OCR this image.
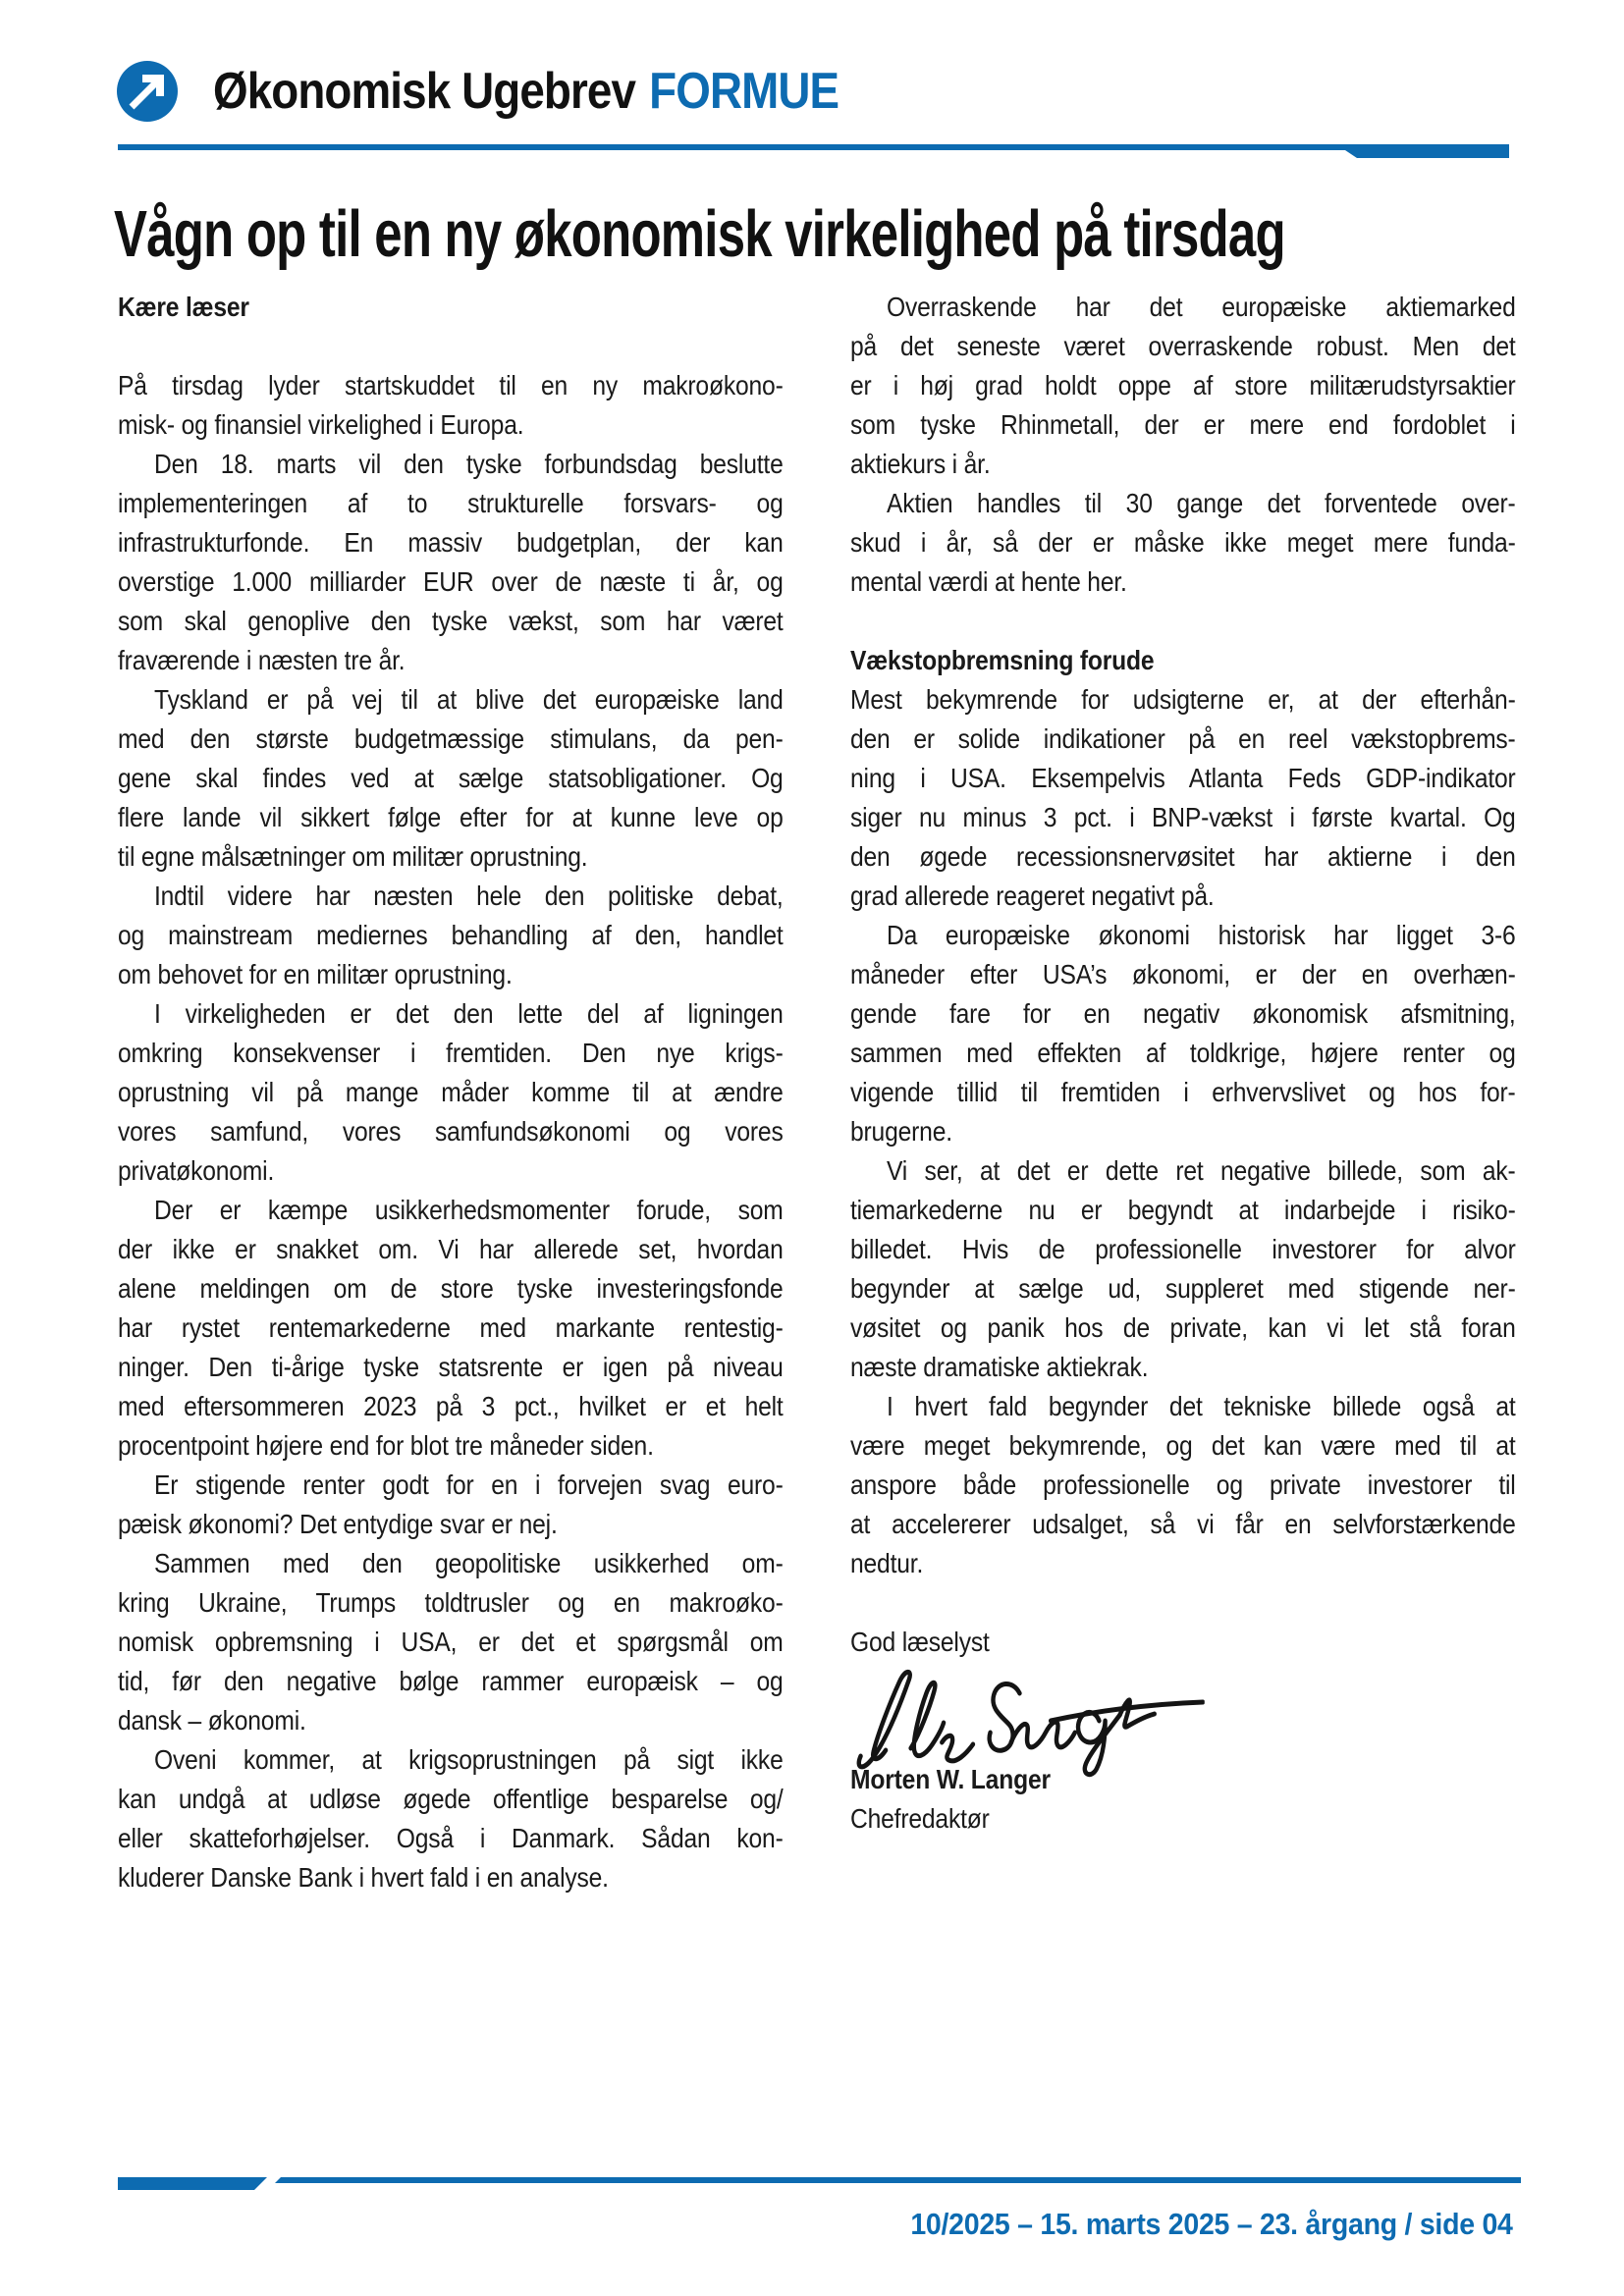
Økonomisk Ugebrev FORMUE
Vågn op til en ny økonomisk virkelighed på tirsdag
Kære læser
På tirsdag lyder startskuddet til en ny makroøkono-
misk- og finansiel virkelighed i Europa.
Den 18. marts vil den tyske forbundsdag beslutte
implementeringen af to strukturelle forsvars- og
infrastrukturfonde. En massiv budgetplan, der kan
overstige 1.000 milliarder EUR over de næste ti år, og
som skal genoplive den tyske vækst, som har været
fraværende i næsten tre år.
Tyskland er på vej til at blive det europæiske land
med den største budgetmæssige stimulans, da pen-
gene skal findes ved at sælge statsobligationer. Og
flere lande vil sikkert følge efter for at kunne leve op
til egne målsætninger om militær oprustning.
Indtil videre har næsten hele den politiske debat,
og mainstream mediernes behandling af den, handlet
om behovet for en militær oprustning.
I virkeligheden er det den lette del af ligningen
omkring konsekvenser i fremtiden. Den nye krigs-
oprustning vil på mange måder komme til at ændre
vores samfund, vores samfundsøkonomi og vores
privatøkonomi.
Der er kæmpe usikkerhedsmomenter forude, som
der ikke er snakket om. Vi har allerede set, hvordan
alene meldingen om de store tyske investeringsfonde
har rystet rentemarkederne med markante rentestig-
ninger. Den ti-årige tyske statsrente er igen på niveau
med eftersommeren 2023 på 3 pct., hvilket er et helt
procentpoint højere end for blot tre måneder siden.
Er stigende renter godt for en i forvejen svag euro-
pæisk økonomi? Det entydige svar er nej.
Sammen med den geopolitiske usikkerhed om-
kring Ukraine, Trumps toldtrusler og en makroøko-
nomisk opbremsning i USA, er det et spørgsmål om
tid, før den negative bølge rammer europæisk – og
dansk – økonomi.
Oveni kommer, at krigsoprustningen på sigt ikke
kan undgå at udløse øgede offentlige besparelse og/
eller skatteforhøjelser. Også i Danmark. Sådan kon-
kluderer Danske Bank i hvert fald i en analyse.
Overraskende har det europæiske aktiemarked
på det seneste været overraskende robust. Men det
er i høj grad holdt oppe af store militærudstyrsaktier
som tyske Rhinmetall, der er mere end fordoblet i
aktiekurs i år.
Aktien handles til 30 gange det forventede over-
skud i år, så der er måske ikke meget mere funda-
mental værdi at hente her.
Vækstopbremsning forude
Mest bekymrende for udsigterne er, at der efterhån-
den er solide indikationer på en reel vækstopbrems-
ning i USA. Eksempelvis Atlanta Feds GDP-indikator
siger nu minus 3 pct. i BNP-vækst i første kvartal. Og
den øgede recessionsnervøsitet har aktierne i den
grad allerede reageret negativt på.
Da europæiske økonomi historisk har ligget 3-6
måneder efter USA’s økonomi, er der en overhæn-
gende fare for en negativ økonomisk afsmitning,
sammen med effekten af toldkrige, højere renter og
vigende tillid til fremtiden i erhvervslivet og hos for-
brugerne.
Vi ser, at det er dette ret negative billede, som ak-
tiemarkederne nu er begyndt at indarbejde i risiko-
billedet. Hvis de professionelle investorer for alvor
begynder at sælge ud, suppleret med stigende ner-
vøsitet og panik hos de private, kan vi let stå foran
næste dramatiske aktiekrak.
I hvert fald begynder det tekniske billede også at
være meget bekymrende, og det kan være med til at
anspore både professionelle og private investorer til
at accelererer udsalget, så vi får en selvforstærkende
nedtur.
God læselyst
Morten W. Langer
Chefredaktør
10/2025 – 15. marts 2025 – 23. årgang / side 04
